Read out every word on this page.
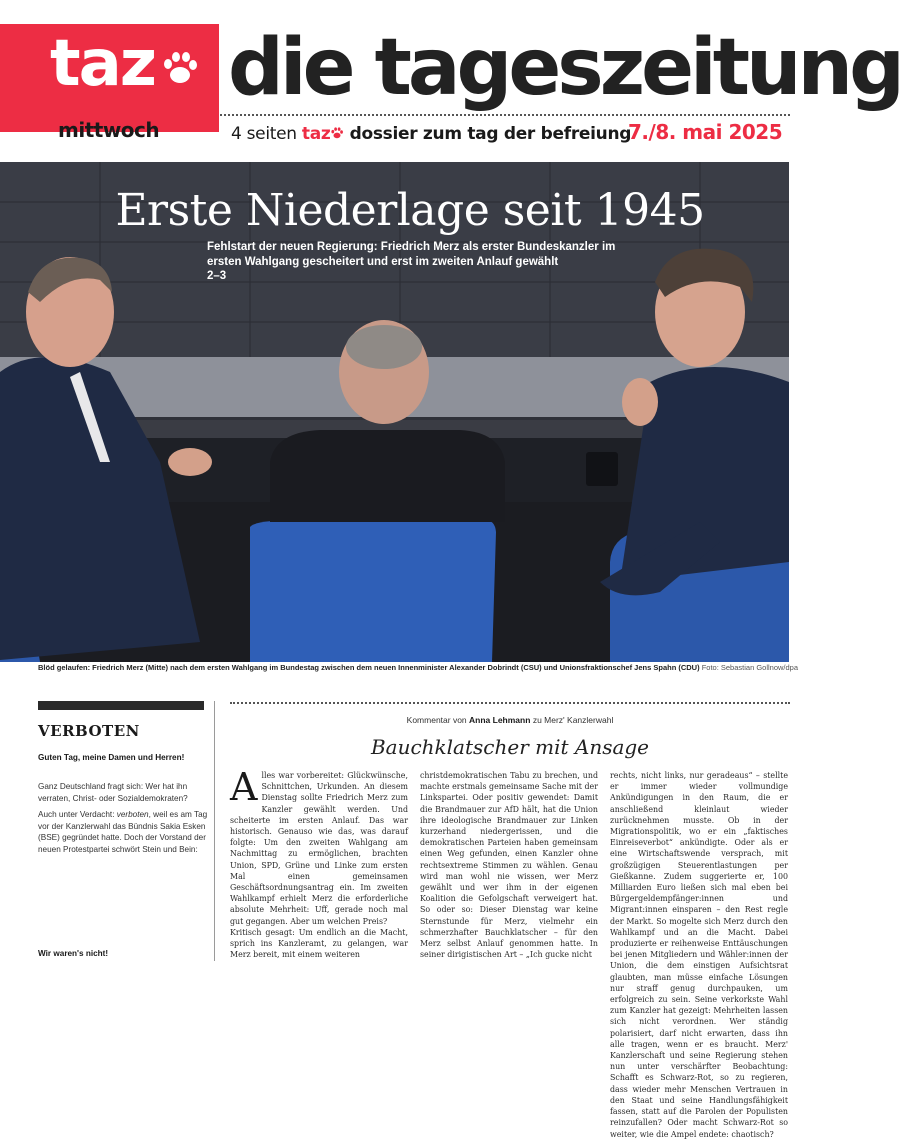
taz
mittwoch
die tageszeitung
4 seiten taz dossier zum tag der befreiung
7./8. mai 2025
Erste Niederlage seit 1945
Fehlstart der neuen Regierung: Friedrich Merz als erster Bundeskanzler im ersten Wahlgang gescheitert und erst im zweiten Anlauf gewählt
2–3
Blöd gelaufen: Friedrich Merz (Mitte) nach dem ersten Wahlgang im Bundestag zwischen dem neuen Innenminister Alexander Dobrindt (CSU) und Unionsfraktionschef Jens Spahn (CDU) Foto: Sebastian Gollnow/dpa
VERBOTEN
Guten Tag, meine Damen und Herren!
Ganz Deutschland fragt sich: Wer hat ihn verraten, Christ- oder Sozialdemokraten?
Auch unter Verdacht: verboten, weil es am Tag vor der Kanzlerwahl das Bündnis Sakia Esken (BSE) gegründet hatte. Doch der Vorstand der neuen Protestpartei schwört Stein und Bein:
Wir waren's nicht!
Kommentar von Anna Lehmann zu Merz' Kanzlerwahl
Bauchklatscher mit Ansage
Alles war vorbereitet: Glückwünsche, Schnittchen, Urkunden. An diesem Dienstag sollte Friedrich Merz zum Kanzler gewählt werden. Und scheiterte im ersten Anlauf. Das war historisch. Genauso wie das, was darauf folgte: Um den zweiten Wahlgang am Nachmittag zu ermöglichen, brachten Union, SPD, Grüne und Linke zum ersten Mal einen gemeinsamen Geschäftsordnungsantrag ein. Im zweiten Wahlkampf erhielt Merz die erforderliche absolute Mehrheit: Uff, gerade noch mal gut gegangen. Aber um welchen Preis?
Kritisch gesagt: Um endlich an die Macht, sprich ins Kanzleramt, zu gelangen, war Merz bereit, mit einem weiteren
christdemokratischen Tabu zu brechen, und machte erstmals gemeinsame Sache mit der Linkspartei. Oder positiv gewendet: Damit die Brandmauer zur AfD hält, hat die Union ihre ideologische Brandmauer zur Linken kurzerhand niedergerissen, und die demokratischen Parteien haben gemeinsam einen Weg gefunden, einen Kanzler ohne rechtsextreme Stimmen zu wählen. Genau wird man wohl nie wissen, wer Merz gewählt und wer ihm in der eigenen Koalition die Gefolgschaft verweigert hat. So oder so: Dieser Dienstag war keine Sternstunde für Merz, vielmehr ein schmerzhafter Bauchklatscher – für den Merz selbst Anlauf genommen hatte. In seiner dirigistischen Art – „Ich gucke nicht
rechts, nicht links, nur geradeaus“ – stellte er immer wieder vollmundige Ankündigungen in den Raum, die er anschließend kleinlaut wieder zurücknehmen musste. Ob in der Migrationspolitik, wo er ein „faktisches Einreiseverbot“ ankündigte. Oder als er eine Wirtschaftswende versprach, mit großzügigen Steuerentlastungen per Gießkanne. Zudem suggerierte er, 100 Milliarden Euro ließen sich mal eben bei Bürgergeldempfänger:innen und Migrant:innen einsparen – den Rest regle der Markt. So mogelte sich Merz durch den Wahlkampf und an die Macht. Dabei produzierte er reihenweise Enttäuschungen bei jenen Mitgliedern und Wähler:innen der Union, die dem einstigen Aufsichtsrat glaubten, man müsse einfache Lösungen nur straff genug durchpauken, um erfolgreich zu sein. Seine verkorkste Wahl zum Kanzler hat gezeigt: Mehrheiten lassen sich nicht verordnen. Wer ständig polarisiert, darf nicht erwarten, dass ihn alle tragen, wenn er es braucht. Merz' Kanzlerschaft und seine Regierung stehen nun unter verschärfter Beobachtung: Schafft es Schwarz-Rot, so zu regieren, dass wieder mehr Menschen Vertrauen in den Staat und seine Handlungsfähigkeit fassen, statt auf die Parolen der Populisten reinzufallen? Oder macht Schwarz-Rot so weiter, wie die Ampel endete: chaotisch?
